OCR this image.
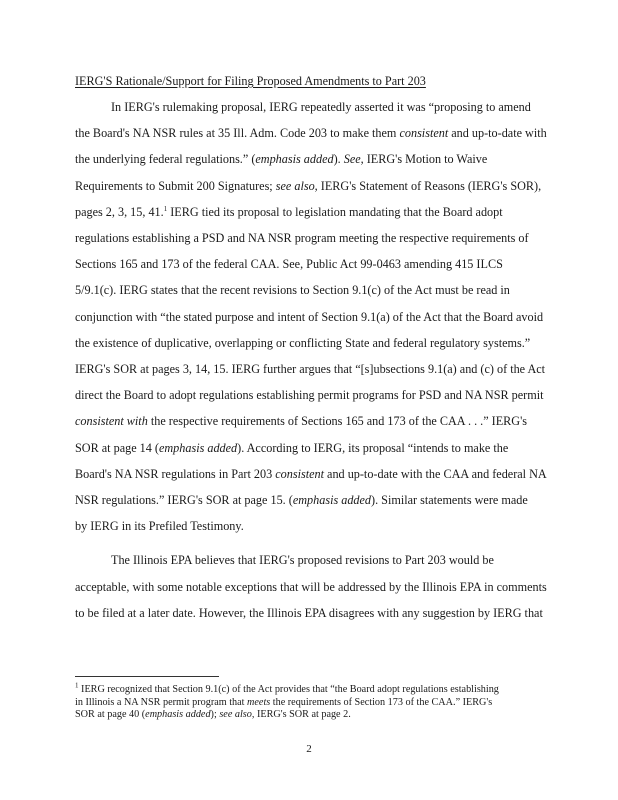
IERG'S Rationale/Support for Filing Proposed Amendments to Part 203

In IERG's rulemaking proposal, IERG repeatedly asserted it was “proposing to amend
the Board's NA NSR rules at 35 Ill. Adm. Code 203 to make them consistent and up-to-date with
the underlying federal regulations.” (emphasis added). See, IERG's Motion to Waive
Requirements to Submit 200 Signatures; see also, IERG's Statement of Reasons (IERG's SOR),
pages 2, 3, 15, 41.$^1$ IERG tied its proposal to legislation mandating that the Board adopt
regulations establishing a PSD and NA NSR program meeting the respective requirements of
Sections 165 and 173 of the federal CAA. See, Public Act 99-0463 amending 415 ILCS
5/9.1(c). IERG states that the recent revisions to Section 9.1(c) of the Act must be read in
conjunction with “the stated purpose and intent of Section 9.1(a) of the Act that the Board avoid
the existence of duplicative, overlapping or conflicting State and federal regulatory systems.”
IERG's SOR at pages 3, 14, 15. IERG further argues that “[s]ubsections 9.1(a) and (c) of the Act
direct the Board to adopt regulations establishing permit programs for PSD and NA NSR permit
consistent with the respective requirements of Sections 165 and 173 of the CAA . . .” IERG's
SOR at page 14 (emphasis added). According to IERG, its proposal “intends to make the
Board's NA NSR regulations in Part 203 consistent and up-to-date with the CAA and federal NA
NSR regulations.” IERG's SOR at page 15. (emphasis added). Similar statements were made
by IERG in its Prefiled Testimony.

The Illinois EPA believes that IERG's proposed revisions to Part 203 would be
acceptable, with some notable exceptions that will be addressed by the Illinois EPA in comments
to be filed at a later date. However, the Illinois EPA disagrees with any suggestion by IERG that

$^1$ IERG recognized that Section 9.1(c) of the Act provides that “the Board adopt regulations establishing
in Illinois a NA NSR permit program that meets the requirements of Section 173 of the CAA.” IERG's
SOR at page 40 (emphasis added); see also, IERG's SOR at page 2.
2
